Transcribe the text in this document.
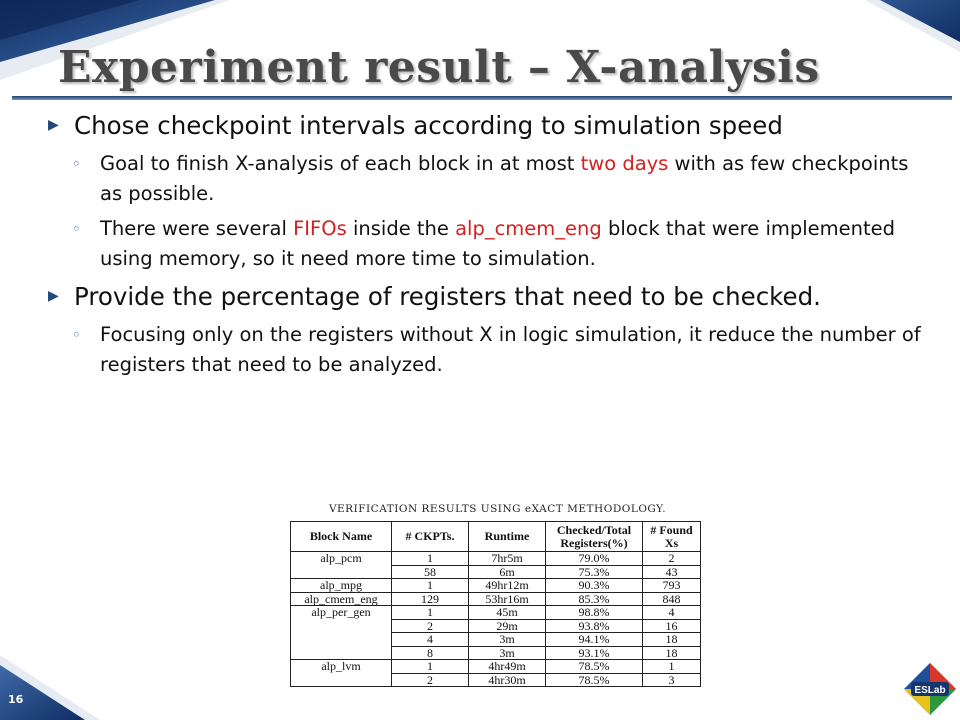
Experiment result – X-analysis
▶ Chose checkpoint intervals according to simulation speed
◦ Goal to finish X-analysis of each block in at most two days with as few checkpoints as possible.
◦ There were several FIFOs inside the alp_cmem_eng block that were implemented using memory, so it need more time to simulation.
▶ Provide the percentage of registers that need to be checked.
◦ Focusing only on the registers without X in logic simulation, it reduce the number of registers that need to be analyzed.
VERIFICATION RESULTS USING eXACT METHODOLOGY.
Block Name	# CKPTs.	Runtime	Checked/Total Registers(%)	# Found Xs
alp_pcm	1	7hr5m	79.0%	2
	58	6m	75.3%	43
alp_mpg	1	49hr12m	90.3%	793
alp_cmem_eng	129	53hr16m	85.3%	848
alp_per_gen	1	45m	98.8%	4
	2	29m	93.8%	16
	4	3m	94.1%	18
	8	3m	93.1%	18
alp_lvm	1	4hr49m	78.5%	1
	2	4hr30m	78.5%	3
16
ESLab
